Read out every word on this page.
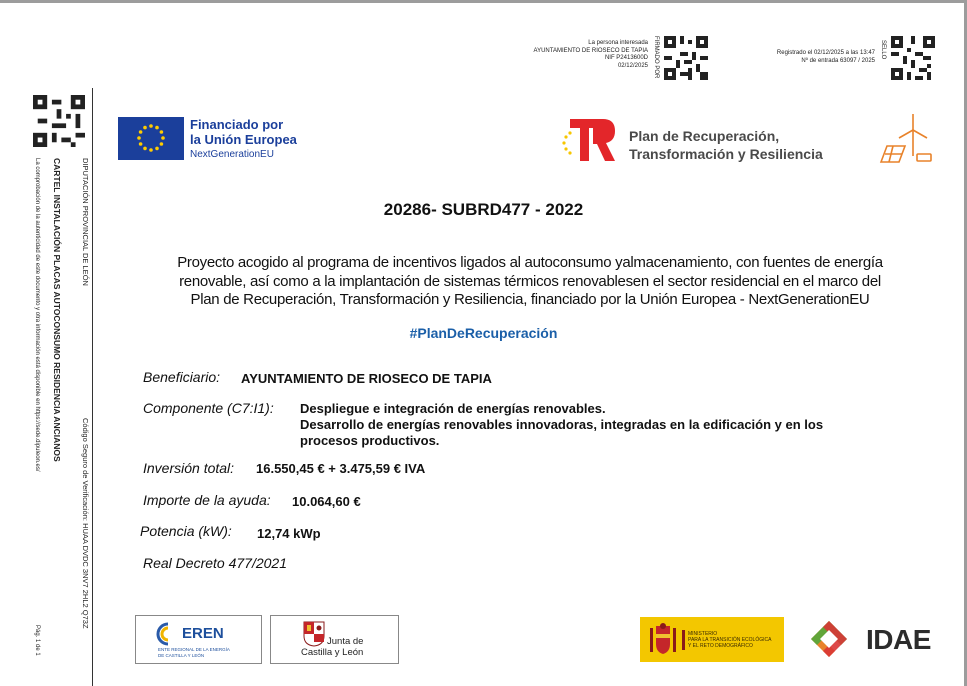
La persona interesada
AYUNTAMIENTO DE RIOSECO DE TAPIA
NIF P2413600D
02/12/2025 FIRMADO POR	Registrado el 02/12/2025 a las 13:47
Nº de entrada 63097 / 2025
SELLO
DIPUTACIÓN PROVINCIAL DE LEÓN
CARTEL INSTALACIÓN PLACAS AUTOCONSUMO RESIDENCIA ANCIANOS
La comprobación de la autenticidad de este documento y otra información está disponible en https://sede.dipuleon.es/
Código Seguro de Verificación: HUAA DVDC 3NV7 2HL2 Q73Z
Pág. 1 de 1
Financiado por
la Unión Europea
NextGenerationEU
Plan de Recuperación,
Transformación y Resiliencia
20286- SUBRD477 - 2022
Proyecto acogido al programa de incentivos ligados al autoconsumo yalmacenamiento, con fuentes de energía
renovable, así como a la implantación de sistemas térmicos renovablesen el sector residencial en el marco del
Plan de Recuperación, Transformación y Resiliencia, financiado por la Unión Europea - NextGenerationEU
#PlanDeRecuperación
Beneficiario: AYUNTAMIENTO DE RIOSECO DE TAPIA
Componente (C7:I1): Despliegue e integración de energías renovables.
Desarrollo de energías renovables innovadoras, integradas en la edificación y en los
procesos productivos.
Inversión total: 16.550,45 € + 3.475,59 € IVA
Importe de la ayuda: 10.064,60 €
Potencia (kW): 12,74 kWp
Real Decreto 477/2021
EREN
ENTE REGIONAL DE LA ENERGÍA
DE CASTILLA Y LEÓN
Junta de
Castilla y León
MINISTERIO
PARA LA TRANSICIÓN ECOLÓGICA
Y EL RETO DEMOGRÁFICO	IDAE
